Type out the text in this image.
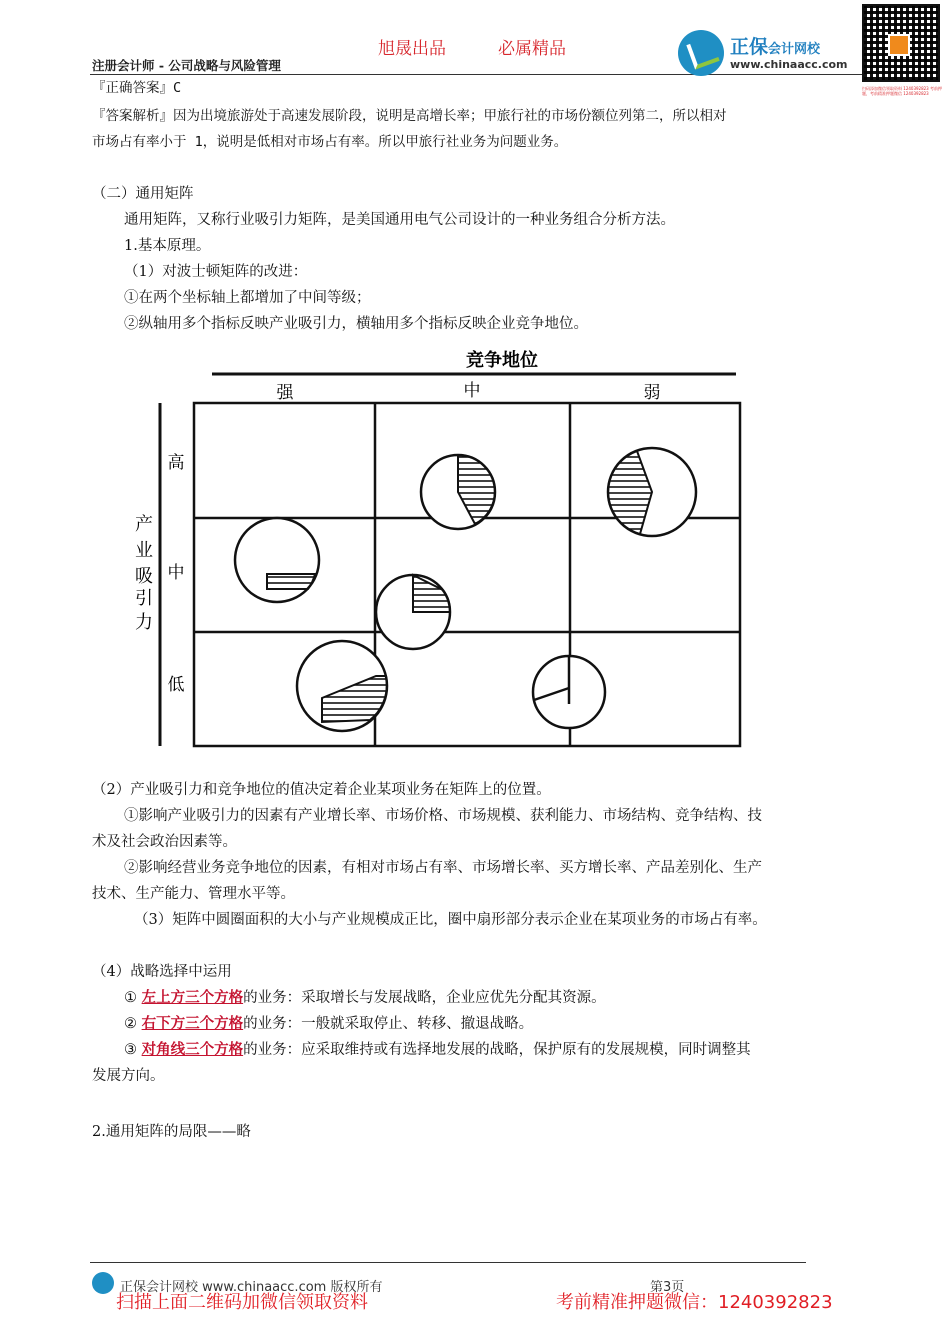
旭晟出品	必属精品
注册会计师 - 公司战略与风险管理
正保会计网校
www.chinaacc.com
扫码添加微信领取资料 1240392823 考前押题，考前精准押题微信 1240392823
『正确答案』C
『答案解析』因为出境旅游处于高速发展阶段，说明是高增长率；甲旅行社的市场份额位列第二，所以相对
市场占有率小于 1，说明是低相对市场占有率。所以甲旅行社业务为问题业务。
（二）通用矩阵
通用矩阵，又称行业吸引力矩阵，是美国通用电气公司设计的一种业务组合分析方法。
1.基本原理。
（1）对波士顿矩阵的改进：
①在两个坐标轴上都增加了中间等级；
②纵轴用多个指标反映产业吸引力，横轴用多个指标反映企业竞争地位。
竞争地位
强	中	弱
产
业
吸
引
力
高
中
低
（2）产业吸引力和竞争地位的值决定着企业某项业务在矩阵上的位置。
①影响产业吸引力的因素有产业增长率、市场价格、市场规模、获利能力、市场结构、竞争结构、技
术及社会政治因素等。
②影响经营业务竞争地位的因素，有相对市场占有率、市场增长率、买方增长率、产品差别化、生产
技术、生产能力、管理水平等。
（3）矩阵中圆圈面积的大小与产业规模成正比，圈中扇形部分表示企业在某项业务的市场占有率。
（4）战略选择中运用
① 左上方三个方格的业务：采取增长与发展战略，企业应优先分配其资源。
② 右下方三个方格的业务：一般就采取停止、转移、撤退战略。
③ 对角线三个方格的业务：应采取维持或有选择地发展的战略，保护原有的发展规模，同时调整其
发展方向。
2.通用矩阵的局限——略
正保会计网校 www.chinaacc.com 版权所有	第3页
扫描上面二维码加微信领取资料	考前精准押题微信：1240392823
